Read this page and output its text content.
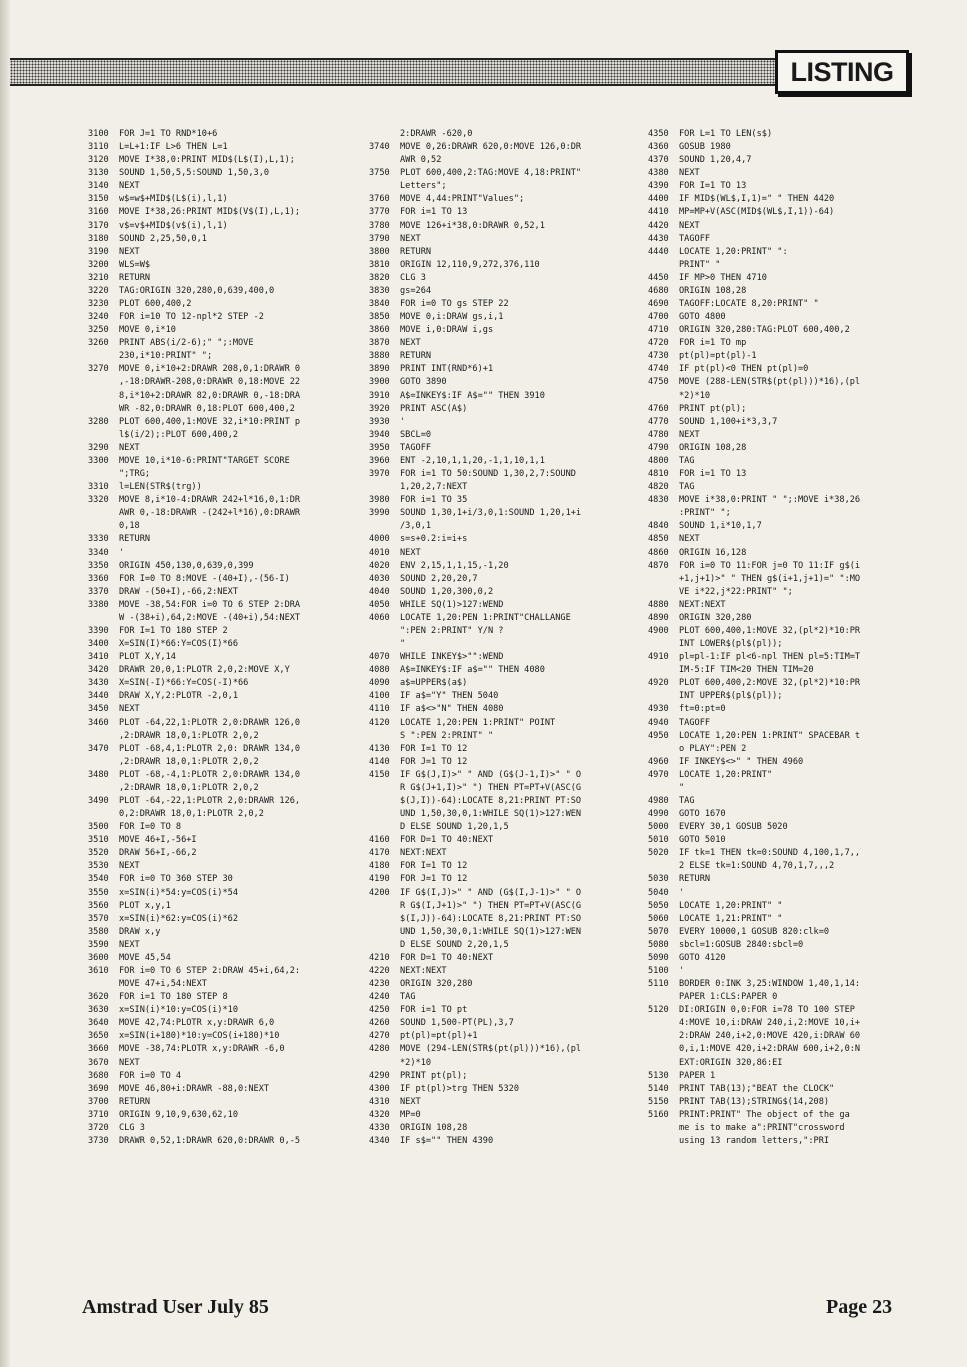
LISTING
3100	FOR J=1 TO RND*10+6
3110	L=L+1:IF L>6 THEN L=1
3120	MOVE I*38,0:PRINT MID$(L$(I),L,1);
3130	SOUND 1,50,5,5:SOUND 1,50,3,0
3140	NEXT
3150	w$=w$+MID$(L$(i),l,1)
3160	MOVE I*38,26:PRINT MID$(V$(I),L,1);
3170	v$=v$+MID$(v$(i),l,1)
3180	SOUND 2,25,50,0,1
3190	NEXT
3200	WLS=W$
3210	RETURN
3220	TAG:ORIGIN 320,280,0,639,400,0
3230	PLOT 600,400,2
3240	FOR i=10 TO 12-npl*2 STEP -2
3250	MOVE 0,i*10
3260	PRINT ABS(i/2-6);" ";:MOVE
230,i*10:PRINT" ";
3270	MOVE 0,i*10+2:DRAWR 208,0,1:DRAWR 0
,-18:DRAWR-208,0:DRAWR 0,18:MOVE 22
8,i*10+2:DRAWR 82,0:DRAWR 0,-18:DRA
WR -82,0:DRAWR 0,18:PLOT 600,400,2
3280	PLOT 600,400,1:MOVE 32,i*10:PRINT p
l$(i/2);:PLOT 600,400,2
3290	NEXT
3300	MOVE 10,i*10-6:PRINT"TARGET SCORE
";TRG;
3310	l=LEN(STR$(trg))
3320	MOVE 8,i*10-4:DRAWR 242+l*16,0,1:DR
AWR 0,-18:DRAWR -(242+l*16),0:DRAWR
0,18
3330	RETURN
3340	'
3350	ORIGIN 450,130,0,639,0,399
3360	FOR I=0 TO 8:MOVE -(40+I),-(56-I)
3370	DRAW -(50+I),-66,2:NEXT
3380	MOVE -38,54:FOR i=0 TO 6 STEP 2:DRA
W -(38+i),64,2:MOVE -(40+i),54:NEXT
3390	FOR I=1 TO 180 STEP 2
3400	X=SIN(I)*66:Y=COS(I)*66
3410	PLOT X,Y,14
3420	DRAWR 20,0,1:PLOTR 2,0,2:MOVE X,Y
3430	X=SIN(-I)*66:Y=COS(-I)*66
3440	DRAW X,Y,2:PLOTR -2,0,1
3450	NEXT
3460	PLOT -64,22,1:PLOTR 2,0:DRAWR 126,0
,2:DRAWR 18,0,1:PLOTR 2,0,2
3470	PLOT -68,4,1:PLOTR 2,0: DRAWR 134,0
,2:DRAWR 18,0,1:PLOTR 2,0,2
3480	PLOT -68,-4,1:PLOTR 2,0:DRAWR 134,0
,2:DRAWR 18,0,1:PLOTR 2,0,2
3490	PLOT -64,-22,1:PLOTR 2,0:DRAWR 126,
0,2:DRAWR 18,0,1:PLOTR 2,0,2
3500	FOR I=0 TO 8
3510	MOVE 46+I,-56+I
3520	DRAW 56+I,-66,2
3530	NEXT
3540	FOR i=0 TO 360 STEP 30
3550	x=SIN(i)*54:y=COS(i)*54
3560	PLOT x,y,1
3570	x=SIN(i)*62:y=COS(i)*62
3580	DRAW x,y
3590	NEXT
3600	MOVE 45,54
3610	FOR i=0 TO 6 STEP 2:DRAW 45+i,64,2:
MOVE 47+i,54:NEXT
3620	FOR i=1 TO 180 STEP 8
3630	x=SIN(i)*10:y=COS(i)*10
3640	MOVE 42,74:PLOTR x,y:DRAWR 6,0
3650	x=SIN(i+180)*10:y=COS(i+180)*10
3660	MOVE -38,74:PLOTR x,y:DRAWR -6,0
3670	NEXT
3680	FOR i=0 TO 4
3690	MOVE 46,80+i:DRAWR -88,0:NEXT
3700	RETURN
3710	ORIGIN 9,10,9,630,62,10
3720	CLG 3
3730	DRAWR 0,52,1:DRAWR 620,0:DRAWR 0,-5
2:DRAWR -620,0
3740	MOVE 0,26:DRAWR 620,0:MOVE 126,0:DR
AWR 0,52
3750	PLOT 600,400,2:TAG:MOVE 4,18:PRINT"
Letters";
3760	MOVE 4,44:PRINT"Values";
3770	FOR i=1 TO 13
3780	MOVE 126+i*38,0:DRAWR 0,52,1
3790	NEXT
3800	RETURN
3810	ORIGIN 12,110,9,272,376,110
3820	CLG 3
3830	gs=264
3840	FOR i=0 TO gs STEP 22
3850	MOVE 0,i:DRAW gs,i,1
3860	MOVE i,0:DRAW i,gs
3870	NEXT
3880	RETURN
3890	PRINT INT(RND*6)+1
3900	GOTO 3890
3910	A$=INKEY$:IF A$="" THEN 3910
3920	PRINT ASC(A$)
3930	'
3940	SBCL=0
3950	TAGOFF
3960	ENT -2,10,1,1,20,-1,1,10,1,1
3970	FOR i=1 TO 50:SOUND 1,30,2,7:SOUND
1,20,2,7:NEXT
3980	FOR i=1 TO 35
3990	SOUND 1,30,1+i/3,0,1:SOUND 1,20,1+i
/3,0,1
4000	s=s+0.2:i=i+s
4010	NEXT
4020	ENV 2,15,1,1,15,-1,20
4030	SOUND 2,20,20,7
4040	SOUND 1,20,300,0,2
4050	WHILE SQ(1)>127:WEND
4060	LOCATE 1,20:PEN 1:PRINT"CHALLANGE
":PEN 2:PRINT" Y/N ?
"
4070	WHILE INKEY$>"":WEND
4080	A$=INKEY$:IF a$="" THEN 4080
4090	a$=UPPER$(a$)
4100	IF a$="Y" THEN 5040
4110	IF a$<>"N" THEN 4080
4120	LOCATE 1,20:PEN 1:PRINT" POINT
S ":PEN 2:PRINT" "
4130	FOR I=1 TO 12
4140	FOR J=1 TO 12
4150	IF G$(J,I)>" " AND (G$(J-1,I)>" " O
R G$(J+1,I)>" ") THEN PT=PT+V(ASC(G
$(J,I))-64):LOCATE 8,21:PRINT PT:SO
UND 1,50,30,0,1:WHILE SQ(1)>127:WEN
D ELSE SOUND 1,20,1,5
4160	FOR D=1 TO 40:NEXT
4170	NEXT:NEXT
4180	FOR I=1 TO 12
4190	FOR J=1 TO 12
4200	IF G$(I,J)>" " AND (G$(I,J-1)>" " O
R G$(I,J+1)>" ") THEN PT=PT+V(ASC(G
$(I,J))-64):LOCATE 8,21:PRINT PT:SO
UND 1,50,30,0,1:WHILE SQ(1)>127:WEN
D ELSE SOUND 2,20,1,5
4210	FOR D=1 TO 40:NEXT
4220	NEXT:NEXT
4230	ORIGIN 320,280
4240	TAG
4250	FOR i=1 TO pt
4260	SOUND 1,500-PT(PL),3,7
4270	pt(pl)=pt(pl)+1
4280	MOVE (294-LEN(STR$(pt(pl)))*16),(pl
*2)*10
4290	PRINT pt(pl);
4300	IF pt(pl)>trg THEN 5320
4310	NEXT
4320	MP=0
4330	ORIGIN 108,28
4340	IF s$="" THEN 4390
4350	FOR L=1 TO LEN(s$)
4360	GOSUB 1980
4370	SOUND 1,20,4,7
4380	NEXT
4390	FOR I=1 TO 13
4400	IF MID$(WL$,I,1)=" " THEN 4420
4410	MP=MP+V(ASC(MID$(WL$,I,1))-64)
4420	NEXT
4430	TAGOFF
4440	LOCATE 1,20:PRINT" ":
PRINT" "
4450	IF MP>0 THEN 4710
4680	ORIGIN 108,28
4690	TAGOFF:LOCATE 8,20:PRINT" "
4700	GOTO 4800
4710	ORIGIN 320,280:TAG:PLOT 600,400,2
4720	FOR i=1 TO mp
4730	pt(pl)=pt(pl)-1
4740	IF pt(pl)<0 THEN pt(pl)=0
4750	MOVE (288-LEN(STR$(pt(pl)))*16),(pl
*2)*10
4760	PRINT pt(pl);
4770	SOUND 1,100+i*3,3,7
4780	NEXT
4790	ORIGIN 108,28
4800	TAG
4810	FOR i=1 TO 13
4820	TAG
4830	MOVE i*38,0:PRINT " ";:MOVE i*38,26
:PRINT" ";
4840	SOUND 1,i*10,1,7
4850	NEXT
4860	ORIGIN 16,128
4870	FOR i=0 TO 11:FOR j=0 TO 11:IF g$(i
+1,j+1)>" " THEN g$(i+1,j+1)=" ":MO
VE i*22,j*22:PRINT" ";
4880	NEXT:NEXT
4890	ORIGIN 320,280
4900	PLOT 600,400,1:MOVE 32,(pl*2)*10:PR
INT LOWER$(pl$(pl));
4910	pl=pl-1:IF pl<6-npl THEN pl=5:TIM=T
IM-5:IF TIM<20 THEN TIM=20
4920	PLOT 600,400,2:MOVE 32,(pl*2)*10:PR
INT UPPER$(pl$(pl));
4930	ft=0:pt=0
4940	TAGOFF
4950	LOCATE 1,20:PEN 1:PRINT" SPACEBAR t
o PLAY":PEN 2
4960	IF INKEY$<>" " THEN 4960
4970	LOCATE 1,20:PRINT"
"
4980	TAG
4990	GOTO 1670
5000	EVERY 30,1 GOSUB 5020
5010	GOTO 5010
5020	IF tk=1 THEN tk=0:SOUND 4,100,1,7,,
2 ELSE tk=1:SOUND 4,70,1,7,,,2
5030	RETURN
5040	'
5050	LOCATE 1,20:PRINT" "
5060	LOCATE 1,21:PRINT" "
5070	EVERY 10000,1 GOSUB 820:clk=0
5080	sbcl=1:GOSUB 2840:sbcl=0
5090	GOTO 4120
5100	'
5110	BORDER 0:INK 3,25:WINDOW 1,40,1,14:
PAPER 1:CLS:PAPER 0
5120	DI:ORIGIN 0,0:FOR i=78 TO 100 STEP
4:MOVE 10,i:DRAW 240,i,2:MOVE 10,i+
2:DRAW 240,i+2,0:MOVE 420,i:DRAW 60
0,i,1:MOVE 420,i+2:DRAW 600,i+2,0:N
EXT:ORIGIN 320,86:EI
5130	PAPER 1
5140	PRINT TAB(13);"BEAT the CLOCK"
5150	PRINT TAB(13);STRING$(14,208)
5160	PRINT:PRINT" The object of the ga
me is to make a":PRINT"crossword
using 13 random letters,":PRI
Amstrad User July 85	Page 23
